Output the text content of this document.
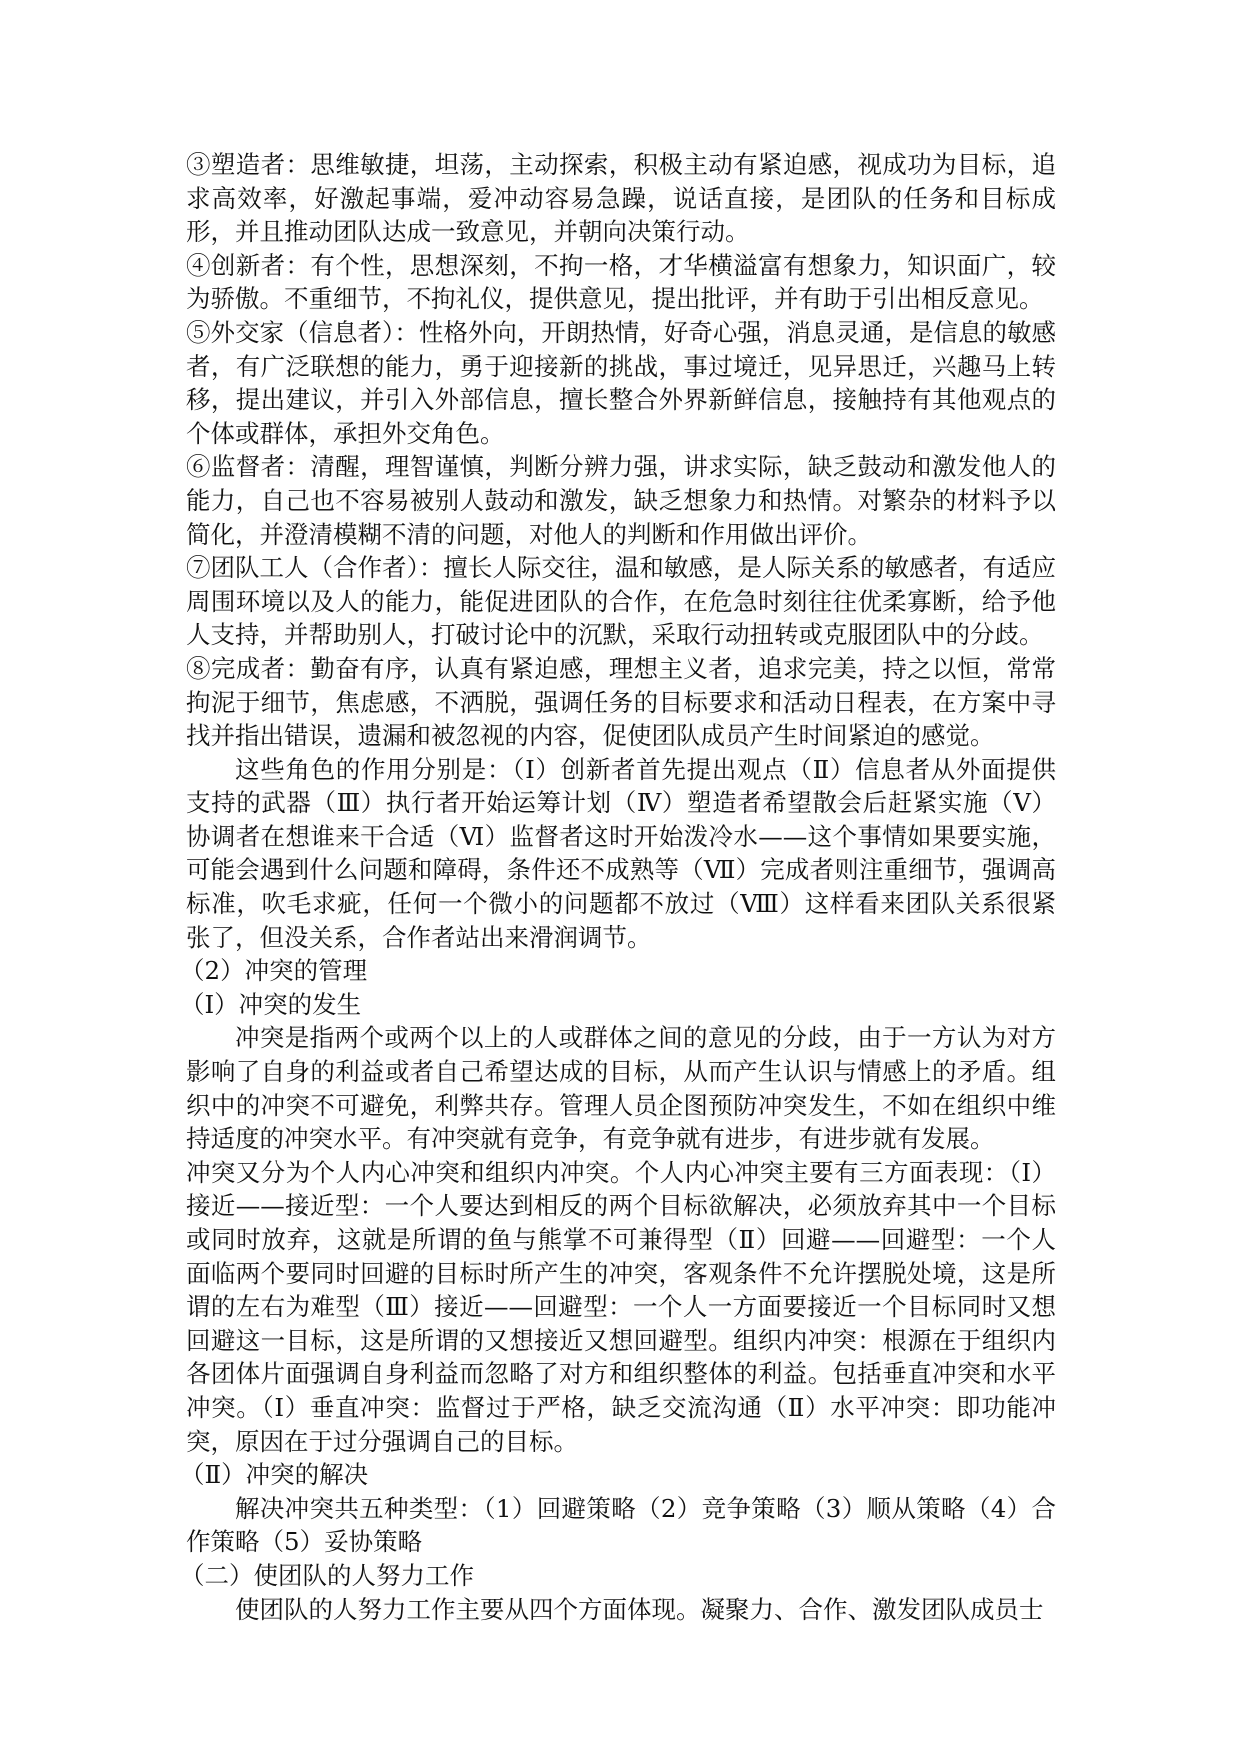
③塑造者：思维敏捷，坦荡，主动探索，积极主动有紧迫感，视成功为目标，追求高效率，好激起事端，爱冲动容易急躁，说话直接，是团队的任务和目标成形，并且推动团队达成一致意见，并朝向决策行动。

④创新者：有个性，思想深刻，不拘一格，才华横溢富有想象力，知识面广，较为骄傲。不重细节，不拘礼仪，提供意见，提出批评，并有助于引出相反意见。

⑤外交家（信息者）：性格外向，开朗热情，好奇心强，消息灵通，是信息的敏感者，有广泛联想的能力，勇于迎接新的挑战，事过境迁，见异思迁，兴趣马上转移，提出建议，并引入外部信息，擅长整合外界新鲜信息，接触持有其他观点的个体或群体，承担外交角色。

⑥监督者：清醒，理智谨慎，判断分辨力强，讲求实际，缺乏鼓动和激发他人的能力，自己也不容易被别人鼓动和激发，缺乏想象力和热情。对繁杂的材料予以简化，并澄清模糊不清的问题，对他人的判断和作用做出评价。

⑦团队工人（合作者）：擅长人际交往，温和敏感，是人际关系的敏感者，有适应周围环境以及人的能力，能促进团队的合作，在危急时刻往往优柔寡断，给予他人支持，并帮助别人，打破讨论中的沉默，采取行动扭转或克服团队中的分歧。

⑧完成者：勤奋有序，认真有紧迫感，理想主义者，追求完美，持之以恒，常常拘泥于细节，焦虑感，不洒脱，强调任务的目标要求和活动日程表，在方案中寻找并指出错误，遗漏和被忽视的内容，促使团队成员产生时间紧迫的感觉。

这些角色的作用分别是：（Ⅰ）创新者首先提出观点（Ⅱ）信息者从外面提供支持的武器（Ⅲ）执行者开始运筹计划（Ⅳ）塑造者希望散会后赶紧实施（Ⅴ）协调者在想谁来干合适（Ⅵ）监督者这时开始泼冷水——这个事情如果要实施，可能会遇到什么问题和障碍，条件还不成熟等（Ⅶ）完成者则注重细节，强调高标准，吹毛求疵，任何一个微小的问题都不放过（Ⅷ）这样看来团队关系很紧张了，但没关系，合作者站出来滑润调节。

（2）冲突的管理

（Ⅰ）冲突的发生

冲突是指两个或两个以上的人或群体之间的意见的分歧，由于一方认为对方影响了自身的利益或者自己希望达成的目标，从而产生认识与情感上的矛盾。组织中的冲突不可避免，利弊共存。管理人员企图预防冲突发生，不如在组织中维持适度的冲突水平。有冲突就有竞争，有竞争就有进步，有进步就有发展。

冲突又分为个人内心冲突和组织内冲突。个人内心冲突主要有三方面表现：（Ⅰ）接近——接近型：一个人要达到相反的两个目标欲解决，必须放弃其中一个目标或同时放弃，这就是所谓的鱼与熊掌不可兼得型（Ⅱ）回避——回避型：一个人面临两个要同时回避的目标时所产生的冲突，客观条件不允许摆脱处境，这是所谓的左右为难型（Ⅲ）接近——回避型：一个人一方面要接近一个目标同时又想回避这一目标，这是所谓的又想接近又想回避型。组织内冲突：根源在于组织内各团体片面强调自身利益而忽略了对方和组织整体的利益。包括垂直冲突和水平冲突。（Ⅰ）垂直冲突：监督过于严格，缺乏交流沟通（Ⅱ）水平冲突：即功能冲突，原因在于过分强调自己的目标。

（Ⅱ）冲突的解决

解决冲突共五种类型：（1）回避策略（2）竞争策略（3）顺从策略（4）合作策略（5）妥协策略

（二）使团队的人努力工作

使团队的人努力工作主要从四个方面体现。凝聚力、合作、激发团队成员士
